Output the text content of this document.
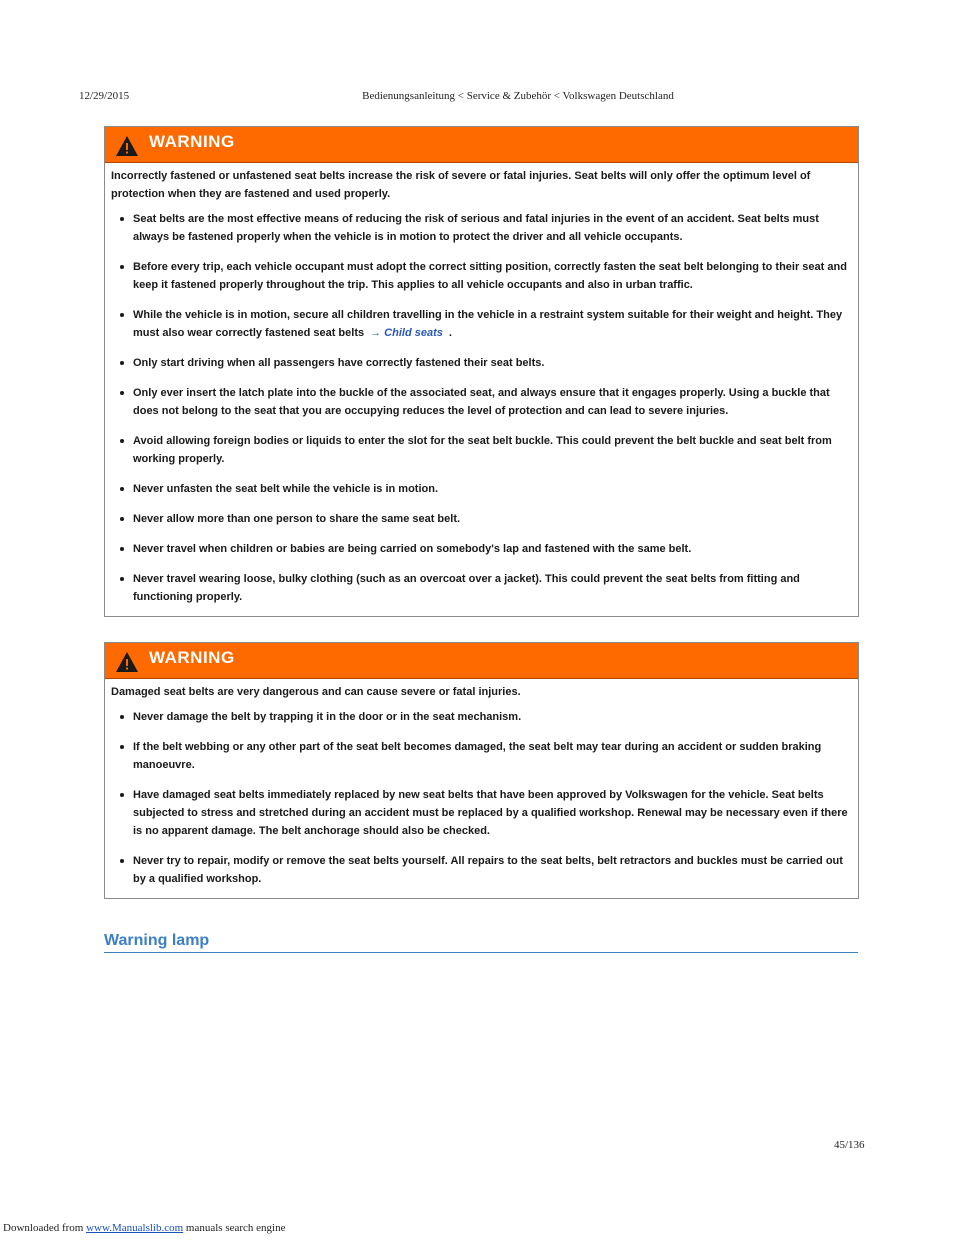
12/29/2015	Bedienungsanleitung < Service & Zubehör < Volkswagen Deutschland
WARNING

Incorrectly fastened or unfastened seat belts increase the risk of severe or fatal injuries. Seat belts will only offer the optimum level of protection when they are fastened and used properly.

Seat belts are the most effective means of reducing the risk of serious and fatal injuries in the event of an accident. Seat belts must always be fastened properly when the vehicle is in motion to protect the driver and all vehicle occupants.
Before every trip, each vehicle occupant must adopt the correct sitting position, correctly fasten the seat belt belonging to their seat and keep it fastened properly throughout the trip. This applies to all vehicle occupants and also in urban traffic.
While the vehicle is in motion, secure all children travelling in the vehicle in a restraint system suitable for their weight and height. They must also wear correctly fastened seat belts → Child seats .
Only start driving when all passengers have correctly fastened their seat belts.
Only ever insert the latch plate into the buckle of the associated seat, and always ensure that it engages properly. Using a buckle that does not belong to the seat that you are occupying reduces the level of protection and can lead to severe injuries.
Avoid allowing foreign bodies or liquids to enter the slot for the seat belt buckle. This could prevent the belt buckle and seat belt from working properly.
Never unfasten the seat belt while the vehicle is in motion.
Never allow more than one person to share the same seat belt.
Never travel when children or babies are being carried on somebody's lap and fastened with the same belt.
Never travel wearing loose, bulky clothing (such as an overcoat over a jacket). This could prevent the seat belts from fitting and functioning properly.
WARNING

Damaged seat belts are very dangerous and can cause severe or fatal injuries.

Never damage the belt by trapping it in the door or in the seat mechanism.
If the belt webbing or any other part of the seat belt becomes damaged, the seat belt may tear during an accident or sudden braking manoeuvre.
Have damaged seat belts immediately replaced by new seat belts that have been approved by Volkswagen for the vehicle. Seat belts subjected to stress and stretched during an accident must be replaced by a qualified workshop. Renewal may be necessary even if there is no apparent damage. The belt anchorage should also be checked.
Never try to repair, modify or remove the seat belts yourself. All repairs to the seat belts, belt retractors and buckles must be carried out by a qualified workshop.
Warning lamp
45/136
Downloaded from www.Manualslib.com manuals search engine
